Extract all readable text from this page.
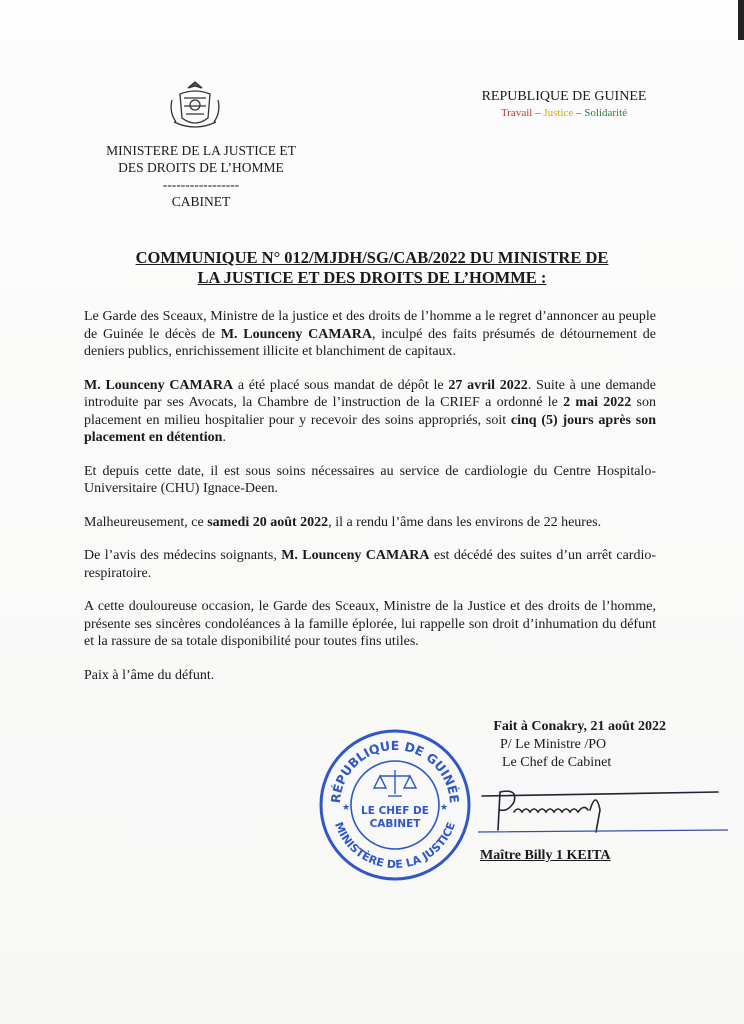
MINISTERE DE LA JUSTICE ET
DES DROITS DE L’HOMME
-----------------
CABINET
REPUBLIQUE DE GUINEE
Travail – Justice – Solidarité
COMMUNIQUE N° 012/MJDH/SG/CAB/2022 DU MINISTRE DE
LA JUSTICE ET DES DROITS DE L’HOMME :

Le Garde des Sceaux, Ministre de la justice et des droits de l’homme a le regret d’annoncer au peuple de Guinée le décès de M. Lounceny CAMARA, inculpé des faits présumés de détournement de deniers publics, enrichissement illicite et blanchiment de capitaux.

M. Lounceny CAMARA a été placé sous mandat de dépôt le 27 avril 2022. Suite à une demande introduite par ses Avocats, la Chambre de l’instruction de la CRIEF a ordonné le 2 mai 2022 son placement en milieu hospitalier pour y recevoir des soins appropriés, soit cinq (5) jours après son placement en détention.

Et depuis cette date, il est sous soins nécessaires au service de cardiologie du Centre Hospitalo-Universitaire (CHU) Ignace-Deen.

Malheureusement, ce samedi 20 août 2022, il a rendu l’âme dans les environs de 22 heures.

De l’avis des médecins soignants, M. Lounceny CAMARA est décédé des suites d’un arrêt cardio-respiratoire.

A cette douloureuse occasion, le Garde des Sceaux, Ministre de la Justice et des droits de l’homme, présente ses sincères condoléances à la famille éplorée, lui rappelle son droit d’inhumation du défunt et la rassure de sa totale disponibilité pour toutes fins utiles.

Paix à l’âme du défunt.

Fait à Conakry, 21 août 2022
P/ Le Ministre /PO
Le Chef de Cabinet
Maître Billy 1 KEITA
RÉPUBLIQUE DE GUINÉE
MINISTÈRE DE LA JUSTICE
★	★
LE CHEF DE
CABINET
